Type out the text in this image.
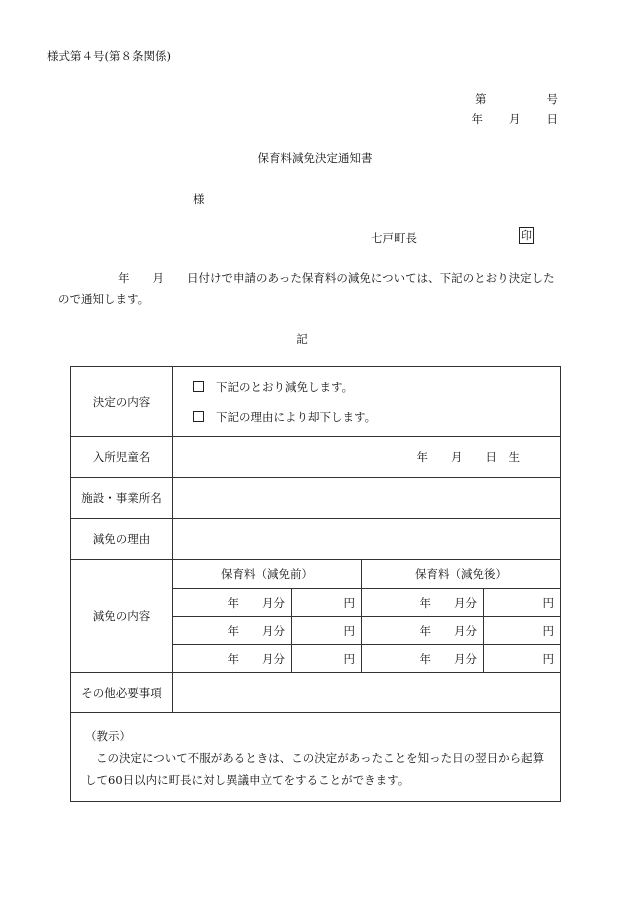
様式第４号(第８条関係)
第	号
年 月 日
保育料減免決定通知書
様
七戸町長	印
年　　月　　日付けで申請のあった保育料の減免については、下記のとおり決定したので通知します。
記
決定の内容	下記のとおり減免します。
下記の理由により却下します。			

入所児童名	年　　月　　日　生			
施設・事業所名				
減免の理由				
減免の内容	保育料（減免前）		保育料（減免後）	
	年　　月分	円	年　　月分	円
	年　　月分	円	年　　月分	円
	年　　月分	円	年　　月分	円
その他必要事項				

（教示）
この決定について不服があるときは、この決定があったことを知った日の翌日から起算して60日以内に町長に対し異議申立てをすることができます。				
